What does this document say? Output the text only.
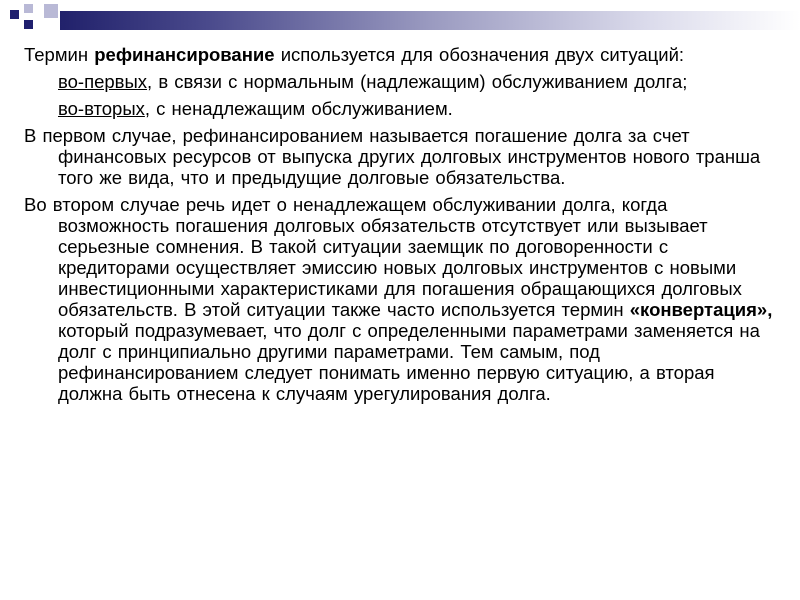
Термин рефинансирование используется для обозначения двух ситуаций:

во-первых, в связи с нормальным (надлежащим) обслуживанием долга;

во-вторых, с ненадлежащим обслуживанием.

В первом случае, рефинансированием называется погашение долга за счет финансовых ресурсов от выпуска других долговых инструментов нового транша того же вида, что и предыдущие долговые обязательства.

Во втором случае речь идет о ненадлежащем обслуживании долга, когда возможность погашения долговых обязательств отсутствует или вызывает серьезные сомнения. В такой ситуации заемщик по договоренности с кредиторами осуществляет эмиссию новых долговых инструментов с новыми инвестиционными характеристиками для погашения обращающихся долговых обязательств. В этой ситуации также часто используется термин «конвертация», который подразумевает, что долг с определенными параметрами заменяется на долг с принципиально другими параметрами. Тем самым, под рефинансированием следует понимать именно первую ситуацию, а вторая должна быть отнесена к случаям урегулирования долга.
